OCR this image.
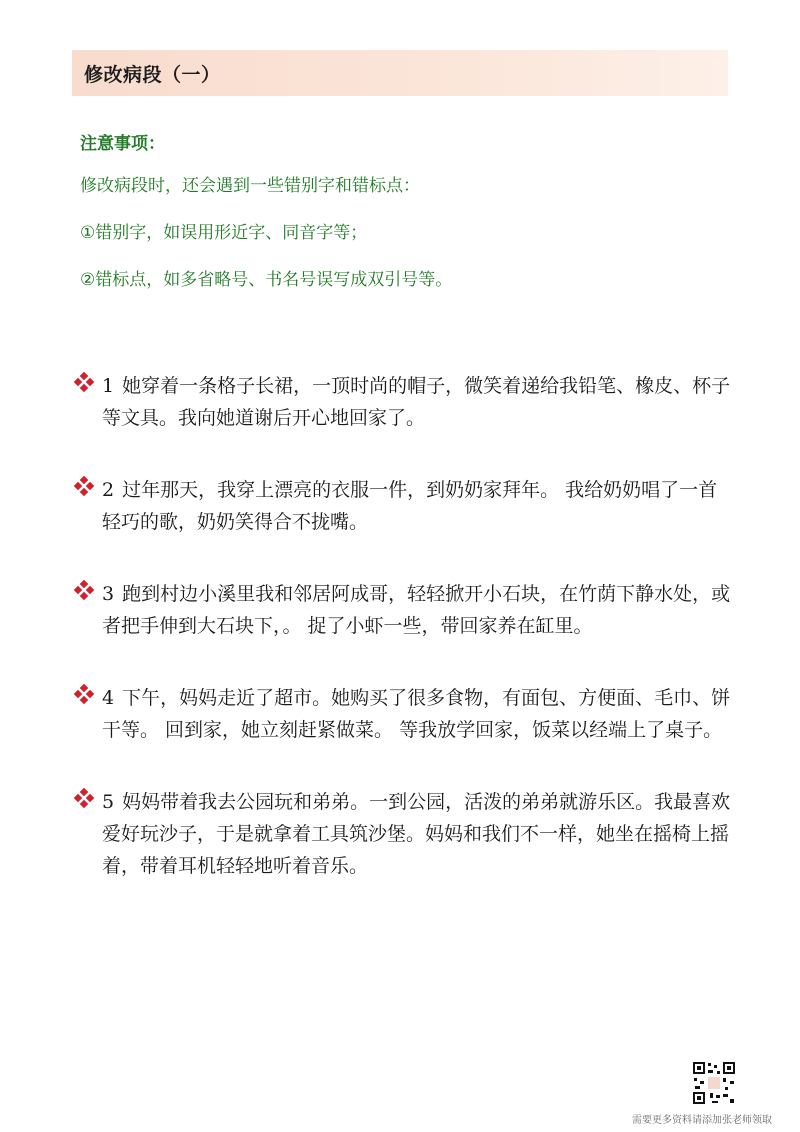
修改病段（一）
注意事项：
修改病段时，还会遇到一些错别字和错标点：
①错别字，如误用形近字、同音字等；
②错标点，如多省略号、书名号误写成双引号等。
1 她穿着一条格子长裙，一顶时尚的帽子，微笑着递给我铅笔、橡皮、杯子等文具。我向她道谢后开心地回家了。
2 过年那天，我穿上漂亮的衣服一件，到奶奶家拜年。 我给奶奶唱了一首轻巧的歌，奶奶笑得合不拢嘴。
3 跑到村边小溪里我和邻居阿成哥，轻轻掀开小石块，在竹荫下静水处，或者把手伸到大石块下，。 捉了小虾一些，带回家养在缸里。
4 下午，妈妈走近了超市。她购买了很多食物，有面包、方便面、毛巾、饼干等。 回到家，她立刻赶紧做菜。 等我放学回家，饭菜以经端上了桌子。
5 妈妈带着我去公园玩和弟弟。一到公园，活泼的弟弟就游乐区。我最喜欢爱好玩沙子，于是就拿着工具筑沙堡。妈妈和我们不一样，她坐在摇椅上摇着，带着耳机轻轻地听着音乐。
需要更多资料请添加张老师领取
